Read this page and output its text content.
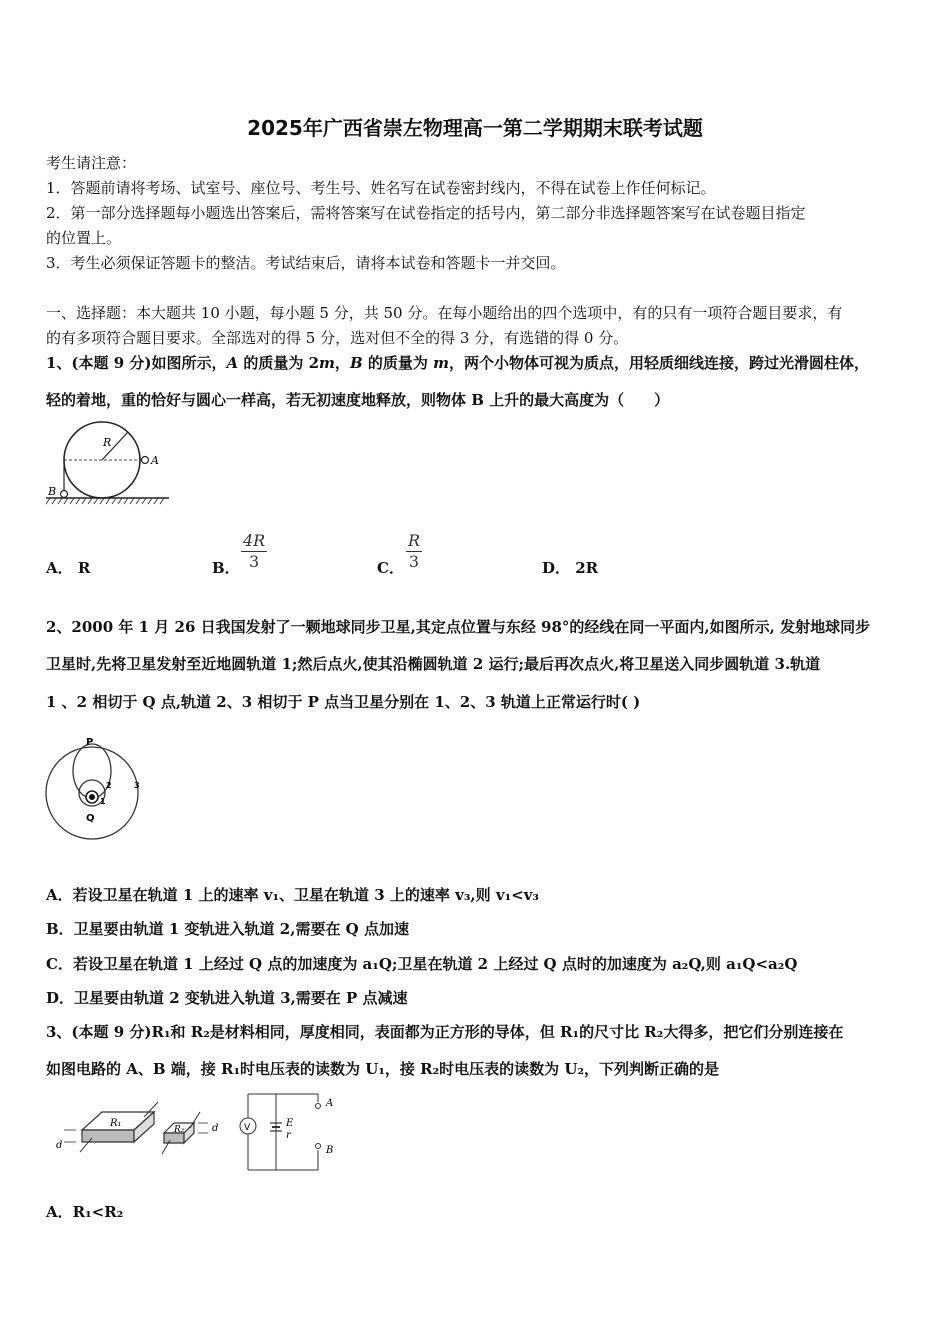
2025年广西省崇左物理高一第二学期期末联考试题
考生请注意：
1．答题前请将考场、试室号、座位号、考生号、姓名写在试卷密封线内，不得在试卷上作任何标记。
2．第一部分选择题每小题选出答案后，需将答案写在试卷指定的括号内，第二部分非选择题答案写在试卷题目指定
的位置上。
3．考生必须保证答题卡的整洁。考试结束后，请将本试卷和答题卡一并交回。
一、选择题：本大题共 10 小题，每小题 5 分，共 50 分。在每小题给出的四个选项中，有的只有一项符合题目要求，有
的有多项符合题目要求。全部选对的得 5 分，选对但不全的得 3 分，有选错的得 0 分。
1、(本题 9 分)如图所示，A 的质量为 2m，B 的质量为 m，两个小物体可视为质点，用轻质细线连接，跨过光滑圆柱体，
轻的着地，重的恰好与圆心一样高，若无初速度地释放，则物体 B 上升的最大高度为（　　）
R
A
B
A． R	B． $\frac{4R}{3}$	C． $\frac{R}{3}$	D． 2R
2、2000 年 1 月 26 日我国发射了一颗地球同步卫星,其定点位置与东经 98°的经线在同一平面内,如图所示, 发射地球同步
卫星时,先将卫星发射至近地圆轨道 1;然后点火,使其沿椭圆轨道 2 运行;最后再次点火,将卫星送入同步圆轨道 3.轨道
1 、2 相切于 Q 点,轨道 2、3 相切于 P 点当卫星分别在 1、2、3 轨道上正常运行时( )
P
Q
1
2	3
A．若设卫星在轨道 1 上的速率 v₁、卫星在轨道 3 上的速率 v₃,则 v₁<v₃
B．卫星要由轨道 1 变轨进入轨道 2,需要在 Q 点加速
C．若设卫星在轨道 1 上经过 Q 点的加速度为 a₁Q;卫星在轨道 2 上经过 Q 点时的加速度为 a₂Q,则 a₁Q<a₂Q
D．卫星要由轨道 2 变轨进入轨道 3,需要在 P 点减速
3、(本题 9 分)R₁和 R₂是材料相同，厚度相同，表面都为正方形的导体，但 R₁的尺寸比 R₂大得多，把它们分别连接在
如图电路的 A、B 端，接 R₁时电压表的读数为 U₁，接 R₂时电压表的读数为 U₂，下列判断正确的是
R₁
d
R₂	d	V	E
r
A
B
A．R₁<R₂
